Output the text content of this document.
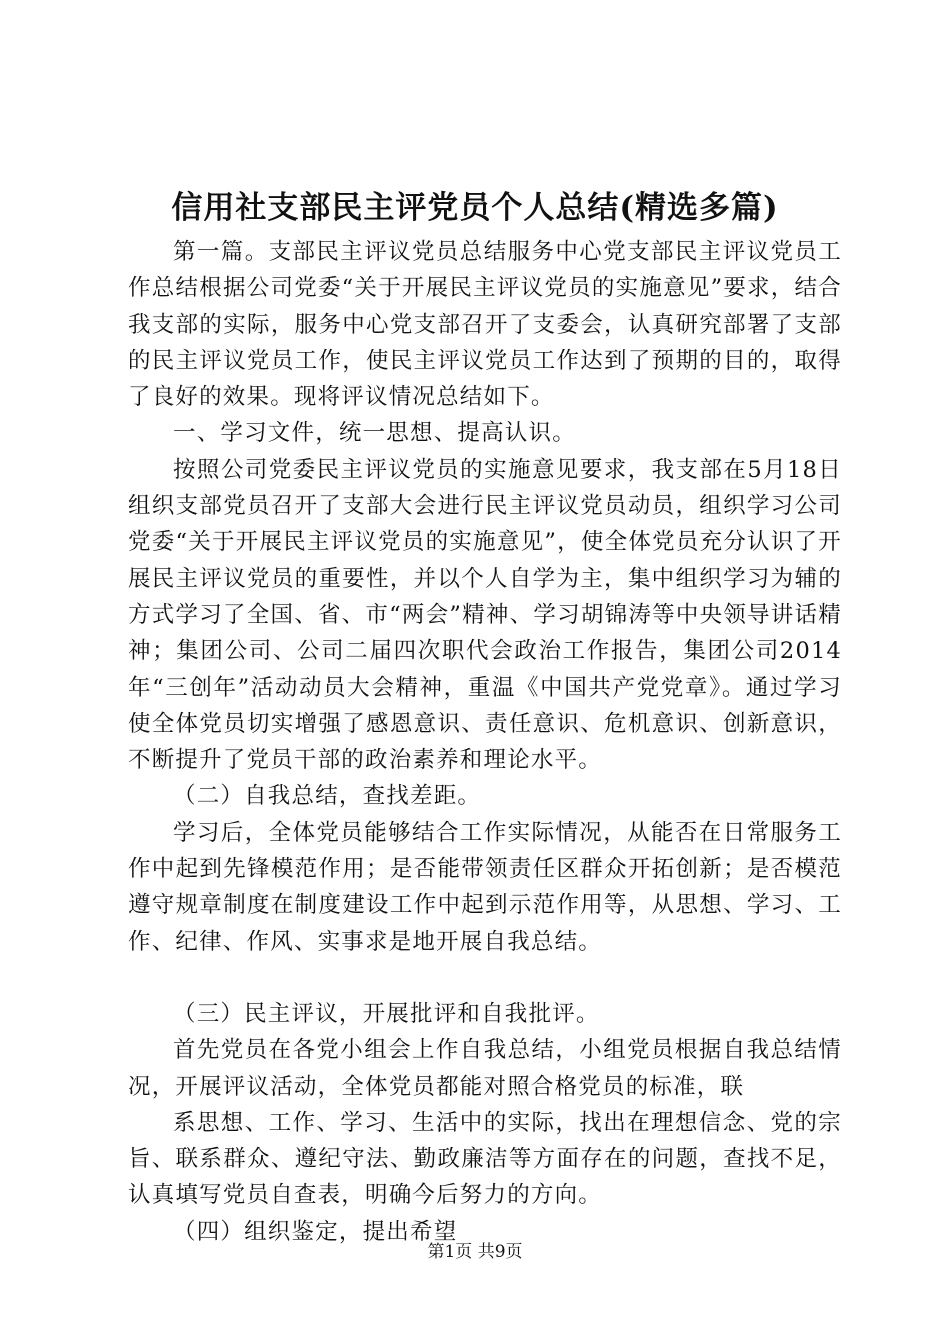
信用社支部民主评党员个人总结(精选多篇)

第一篇。支部民主评议党员总结服务中心党支部民主评议党员工作总结根据公司党委“关于开展民主评议党员的实施意见”要求，结合我支部的实际，服务中心党支部召开了支委会，认真研究部署了支部的民主评议党员工作，使民主评议党员工作达到了预期的目的，取得了良好的效果。现将评议情况总结如下。

一、学习文件，统一思想、提高认识。

按照公司党委民主评议党员的实施意见要求，我支部在5月18日组织支部党员召开了支部大会进行民主评议党员动员，组织学习公司党委“关于开展民主评议党员的实施意见”，使全体党员充分认识了开展民主评议党员的重要性，并以个人自学为主，集中组织学习为辅的方式学习了全国、省、市“两会”精神、学习胡锦涛等中央领导讲话精神；集团公司、公司二届四次职代会政治工作报告，集团公司2014年“三创年”活动动员大会精神，重温《中国共产党党章》。通过学习使全体党员切实增强了感恩意识、责任意识、危机意识、创新意识，不断提升了党员干部的政治素养和理论水平。

（二）自我总结，查找差距。

学习后，全体党员能够结合工作实际情况，从能否在日常服务工作中起到先锋模范作用；是否能带领责任区群众开拓创新；是否模范遵守规章制度在制度建设工作中起到示范作用等，从思想、学习、工作、纪律、作风、实事求是地开展自我总结。

（三）民主评议，开展批评和自我批评。

首先党员在各党小组会上作自我总结，小组党员根据自我总结情况，开展评议活动，全体党员都能对照合格党员的标准，联

系思想、工作、学习、生活中的实际，找出在理想信念、党的宗旨、联系群众、遵纪守法、勤政廉洁等方面存在的问题，查找不足，认真填写党员自查表，明确今后努力的方向。

（四）组织鉴定，提出希望

第1页 共9页
